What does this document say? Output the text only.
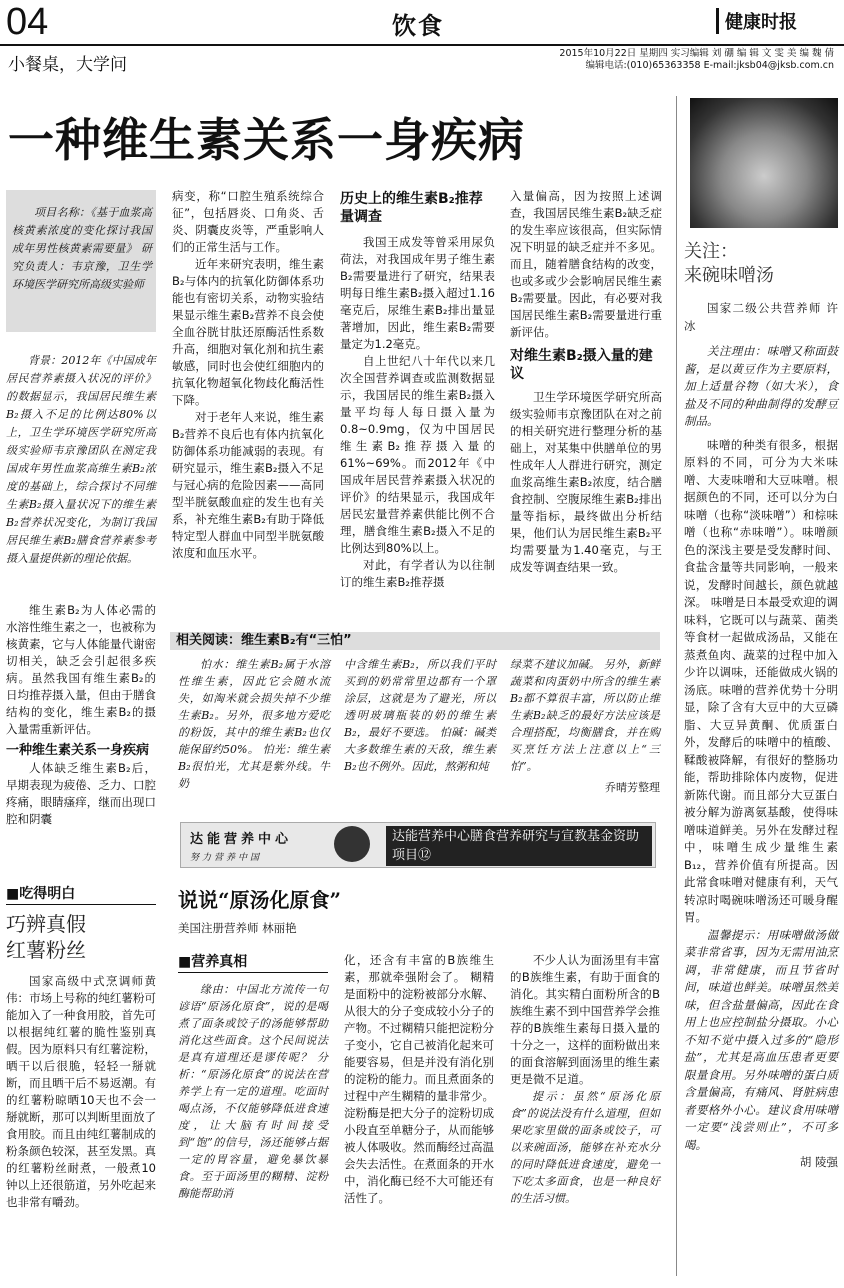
04	饮食	健康时报
小餐桌，大学问
2015年10月22日 星期四 实习编辑 刘 硼 编 辑 文 雯 美 编 魏 倩
编辑电话:(010)65363358 E-mail:jksb04@jksb.com.cn
一种维生素关系一身疾病

项目名称：《基于血浆高核黄素浓度的变化探讨我国成年男性核黄素需要量》 研究负责人：韦京豫，卫生学环境医学研究所高级实验师

背景：2012年《中国成年居民营养素摄入状况的评价》的数据显示，我国居民维生素B₂摄入不足的比例达80%以上，卫生学环境医学研究所高级实验师韦京豫团队在测定我国成年男性血浆高维生素B₂浓度的基础上，综合探讨不同维生素B₂摄入量状况下的维生素B₂营养状况变化，为制订我国居民维生素B₂膳食营养素参考摄入量提供新的理论依据。

维生素B₂为人体必需的水溶性维生素之一，也被称为核黄素，它与人体能量代谢密切相关，缺乏会引起很多疾病。虽然我国有维生素B₂的日均推荐摄入量，但由于膳食结构的变化，维生素B₂的摄入量需重新评估。

一种维生素关系一身疾病

人体缺乏维生素B₂后，早期表现为疲倦、乏力、口腔疼痛，眼睛瘙痒，继而出现口腔和阴囊

病变，称“口腔生殖系统综合征”，包括唇炎、口角炎、舌炎、阴囊皮炎等，严重影响人们的正常生活与工作。

近年来研究表明，维生素B₂与体内的抗氧化防御体系功能也有密切关系，动物实验结果显示维生素B₂营养不良会使全血谷胱甘肽还原酶活性系数升高，细胞对氧化剂和抗生素敏感，同时也会使红细胞内的抗氧化物超氧化物歧化酶活性下降。

对于老年人来说，维生素B₂营养不良后也有体内抗氧化防御体系功能减弱的表现。有研究显示，维生素B₂摄入不足与冠心病的危险因素——高同型半胱氨酸血症的发生也有关系，补充维生素B₂有助于降低特定型人群血中同型半胱氨酸浓度和血压水平。

历史上的维生素B₂推荐量调查

我国王成发等曾采用尿负荷法，对我国成年男子维生素B₂需要量进行了研究，结果表明每日维生素B₂摄入超过1.16毫克后，尿维生素B₂排出量显著增加，因此，维生素B₂需要量定为1.2毫克。

自上世纪八十年代以来几次全国营养调查或监测数据显示，我国居民的维生素B₂摄入量平均每人每日摄入量为0.8~0.9mg，仅为中国居民维生素B₂推荐摄入量的61%~69%。而2012年《中国成年居民营养素摄入状况的评价》的结果显示，我国成年居民宏量营养素供能比例不合理，膳食维生素B₂摄入不足的比例达到80%以上。

对此，有学者认为以往制订的维生素B₂推荐摄

入量偏高，因为按照上述调查，我国居民维生素B₂缺乏症的发生率应该很高，但实际情况下明显的缺乏症并不多见。而且，随着膳食结构的改变，也或多或少会影响居民维生素B₂需要量。因此，有必要对我国居民维生素B₂需要量进行重新评估。

对维生素B₂摄入量的建议

卫生学环境医学研究所高级实验师韦京豫团队在对之前的相关研究进行整理分析的基础上，对某集中供膳单位的男性成年人人群进行研究，测定血浆高维生素B₂浓度，结合膳食控制、空腹尿维生素B₂排出量等指标，最终做出分析结果，他们认为居民维生素B₂平均需要量为1.40毫克，与王成发等调查结果一致。

相关阅读：维生素B₂有“三怕”

怕水：维生素B₂属于水溶性维生素，因此它会随水流失，如淘米就会损失掉不少维生素B₂。另外，很多地方爱吃的粉饭，其中的维生素B₂也仅能保留约50%。 怕光：维生素B₂很怕光，尤其是紫外线。牛奶

中含维生素B₂，所以我们平时买到的奶常常里边都有一个罩涂层，这就是为了避光，所以透明玻璃瓶装的奶的维生素B₂，最好不要选。 怕碱：碱类大多数维生素的天敌，维生素B₂也不例外。因此，熬粥和炖

绿菜不建议加碱。 另外，新鲜蔬菜和肉蛋奶中所含的维生素B₂都不算很丰富，所以防止维生素B₂缺乏的最好方法应该是合理搭配，均衡膳食，并在购买烹饪方法上注意以上“三怕”。

乔晴芳整理
达能营养中心
努力营养中国
达能营养中心膳食营养研究与宣教基金资助项目⑫
■吃得明白
巧辨真假
红薯粉丝

国家高级中式烹调师黄伟：市场上号称的纯红薯粉可能加入了一种食用胶，首先可以根据纯红薯的脆性鉴别真假。因为原料只有红薯淀粉，晒干以后很脆，轻轻一掰就断，而且晒干后不易返潮。有的红薯粉晾晒10天也不会一掰就断，那可以判断里面放了食用胶。而且由纯红薯制成的粉条颜色较深，甚至发黑。真的红薯粉丝耐煮，一般煮10钟以上还很筋道，另外吃起来也非常有嚼劲。

说说“原汤化原食”
美国注册营养师 林丽艳
■营养真相

缘由：中国北方流传一句谚语“原汤化原食”，说的是喝煮了面条或饺子的汤能够帮助消化这些面食。这个民间说法是真有道理还是谬传呢？ 分析：“原汤化原食”的说法在营养学上有一定的道理。吃面时喝点汤，不仅能够降低进食速度，让大脑有时间接受到“饱”的信号，汤还能够占据一定的胃容量，避免暴饮暴食。至于面汤里的糊精、淀粉酶能帮助消

化，还含有丰富的B族维生素，那就牵强附会了。 糊精是面粉中的淀粉被部分水解、从很大的分子变成较小分子的产物。不过糊精只能把淀粉分子变小，它自己被消化起来可能要容易，但是并没有消化别的淀粉的能力。而且煮面条的过程中产生糊精的量非常少。淀粉酶是把大分子的淀粉切成小段直至单糖分子，从而能够被人体吸收。然而酶经过高温会失去活性。在煮面条的开水中，消化酶已经不大可能还有活性了。

不少人认为面汤里有丰富的B族维生素，有助于面食的消化。其实精白面粉所含的B族维生素不到中国营养学会推荐的B族维生素每日摄入量的十分之一，这样的面粉做出来的面食溶解到面汤里的维生素更是微不足道。

提示：虽然“原汤化原食”的说法没有什么道理，但如果吃家里做的面条或饺子，可以来碗面汤，能够在补充水分的同时降低进食速度，避免一下吃太多面食，也是一种良好的生活习惯。

关注：
来碗味噌汤

国家二级公共营养师 许 冰

关注理由：味噌又称面鼓酱，是以黄豆作为主要原料，加上适量谷物（如大米），食盐及不同的种曲制得的发酵豆制品。

味噌的种类有很多，根据原料的不同，可分为大米味噌、大麦味噌和大豆味噌。根据颜色的不同，还可以分为白味噌（也称“淡味噌”）和棕味噌（也称“赤味噌”）。味噌颜色的深浅主要是受发酵时间、食盐含量等共同影响，一般来说，发酵时间越长，颜色就越深。 味噌是日本最受欢迎的调味料，它既可以与蔬菜、菌类等食材一起做成汤品，又能在蒸煮鱼肉、蔬菜的过程中加入少许以调味，还能做成火锅的汤底。味噌的营养优势十分明显，除了含有大豆中的大豆磷脂、大豆异黄酮、优质蛋白外，发酵后的味噌中的植酸、鞣酸被降解，有很好的整肠功能，帮助排除体内废物，促进新陈代谢。而且部分大豆蛋白被分解为游离氨基酸，使得味噌味道鲜美。另外在发酵过程中，味噌生成少量维生素B₁₂，营养价值有所提高。因此常食味噌对健康有利，天气转凉时喝碗味噌汤还可暖身醒胃。

温馨提示：用味噌做汤做菜非常省事，因为无需用油烹调，非常健康，而且节省时间，味道也鲜美。味噌虽然美味，但含盐量偏高，因此在食用上也应控制盐分摄取。小心不知不觉中摄入过多的“隐形盐”，尤其是高血压患者更要限量食用。另外味噌的蛋白质含量偏高，有痛风、肾脏病患者要格外小心。建议食用味噌一定要“浅尝则止”，不可多喝。

胡 陵强
